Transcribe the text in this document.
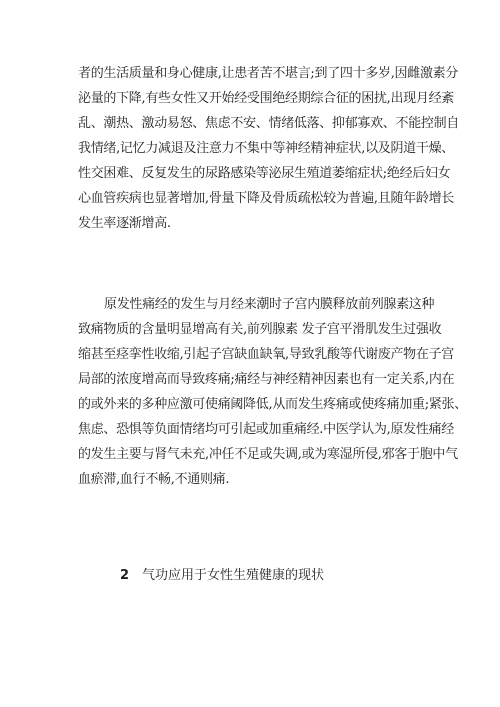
者的生活质量和身心健康,让患者苦不堪言;到了四十多岁,因雌激素分
泌量的下降,有些女性又开始经受围绝经期综合征的困扰,出现月经紊
乱、潮热、激动易怒、焦虑不安、情绪低落、抑郁寡欢、不能控制自
我情绪,记忆力减退及注意力不集中等神经精神症状,以及阴道干燥、
性交困难、反复发生的尿路感染等泌尿生殖道萎缩症状;绝经后妇女
心血管疾病也显著增加,骨量下降及骨质疏松较为普遍,且随年龄增长
发生率逐渐增高.
原发性痛经的发生与月经来潮时子宫内膜释放前列腺素这种
致痛物质的含量明显增高有关,前列腺素 发子宫平滑肌发生过强收
缩甚至痉挛性收缩,引起子宫缺血缺氧,导致乳酸等代谢废产物在子宫
局部的浓度增高而导致疼痛;痛经与神经精神因素也有一定关系,内在
的或外来的多种应激可使痛阈降低,从而发生疼痛或使疼痛加重;紧张、
焦虑、恐惧等负面情绪均可引起或加重痛经.中医学认为,原发性痛经
的发生主要与肾气未充,冲任不足或失调,或为寒湿所侵,邪客于胞中气
血瘀滞,血行不畅,不通则痛.
2 气功应用于女性生殖健康的现状
